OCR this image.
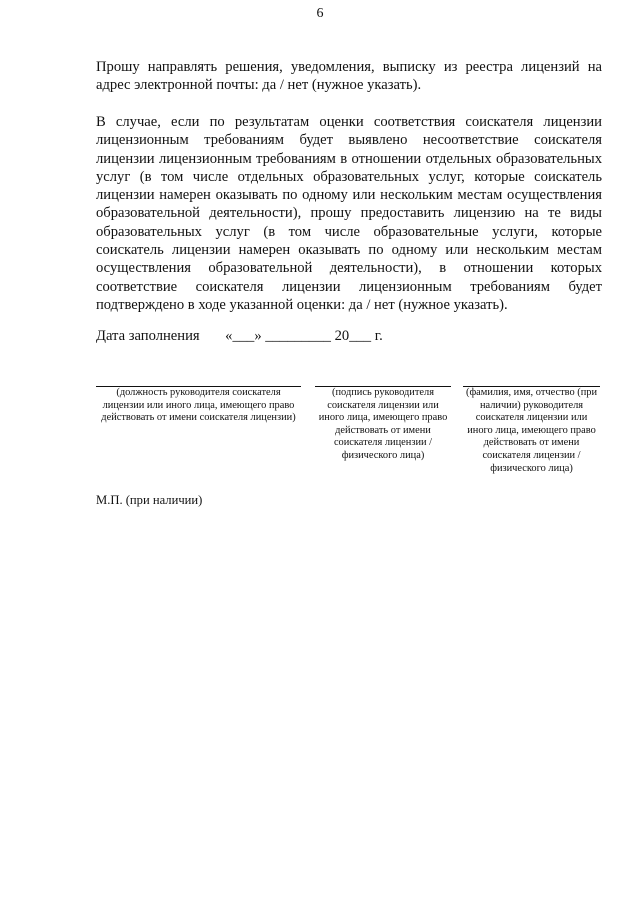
6

Прошу направлять решения, уведомления, выписку из реестра лицензий на адрес электронной почты: да / нет (нужное указать).

В случае, если по результатам оценки соответствия соискателя лицензии лицензионным требованиям будет выявлено несоответствие соискателя лицензии лицензионным требованиям в отношении отдельных образовательных услуг (в том числе отдельных образовательных услуг, которые соискатель лицензии намерен оказывать по одному или нескольким местам осуществления образовательной деятельности), прошу предоставить лицензию на те виды образовательных услуг (в том числе образовательные услуги, которые соискатель лицензии намерен оказывать по одному или нескольким местам осуществления образовательной деятельности), в отношении которых соответствие соискателя лицензии лицензионным требованиям будет подтверждено в ходе указанной оценки: да / нет (нужное указать).

Дата заполнения       «___» _________ 20___ г.

(должность руководителя соискателя лицензии или иного лица, имеющего право действовать от имени соискателя лицензии)

(подпись руководителя соискателя лицензии или иного лица, имеющего право действовать от имени соискателя лицензии / физического лица)

(фамилия, имя, отчество (при наличии) руководителя соискателя лицензии или иного лица, имеющего право действовать от имени соискателя лицензии / физического лица)

М.П. (при наличии)
